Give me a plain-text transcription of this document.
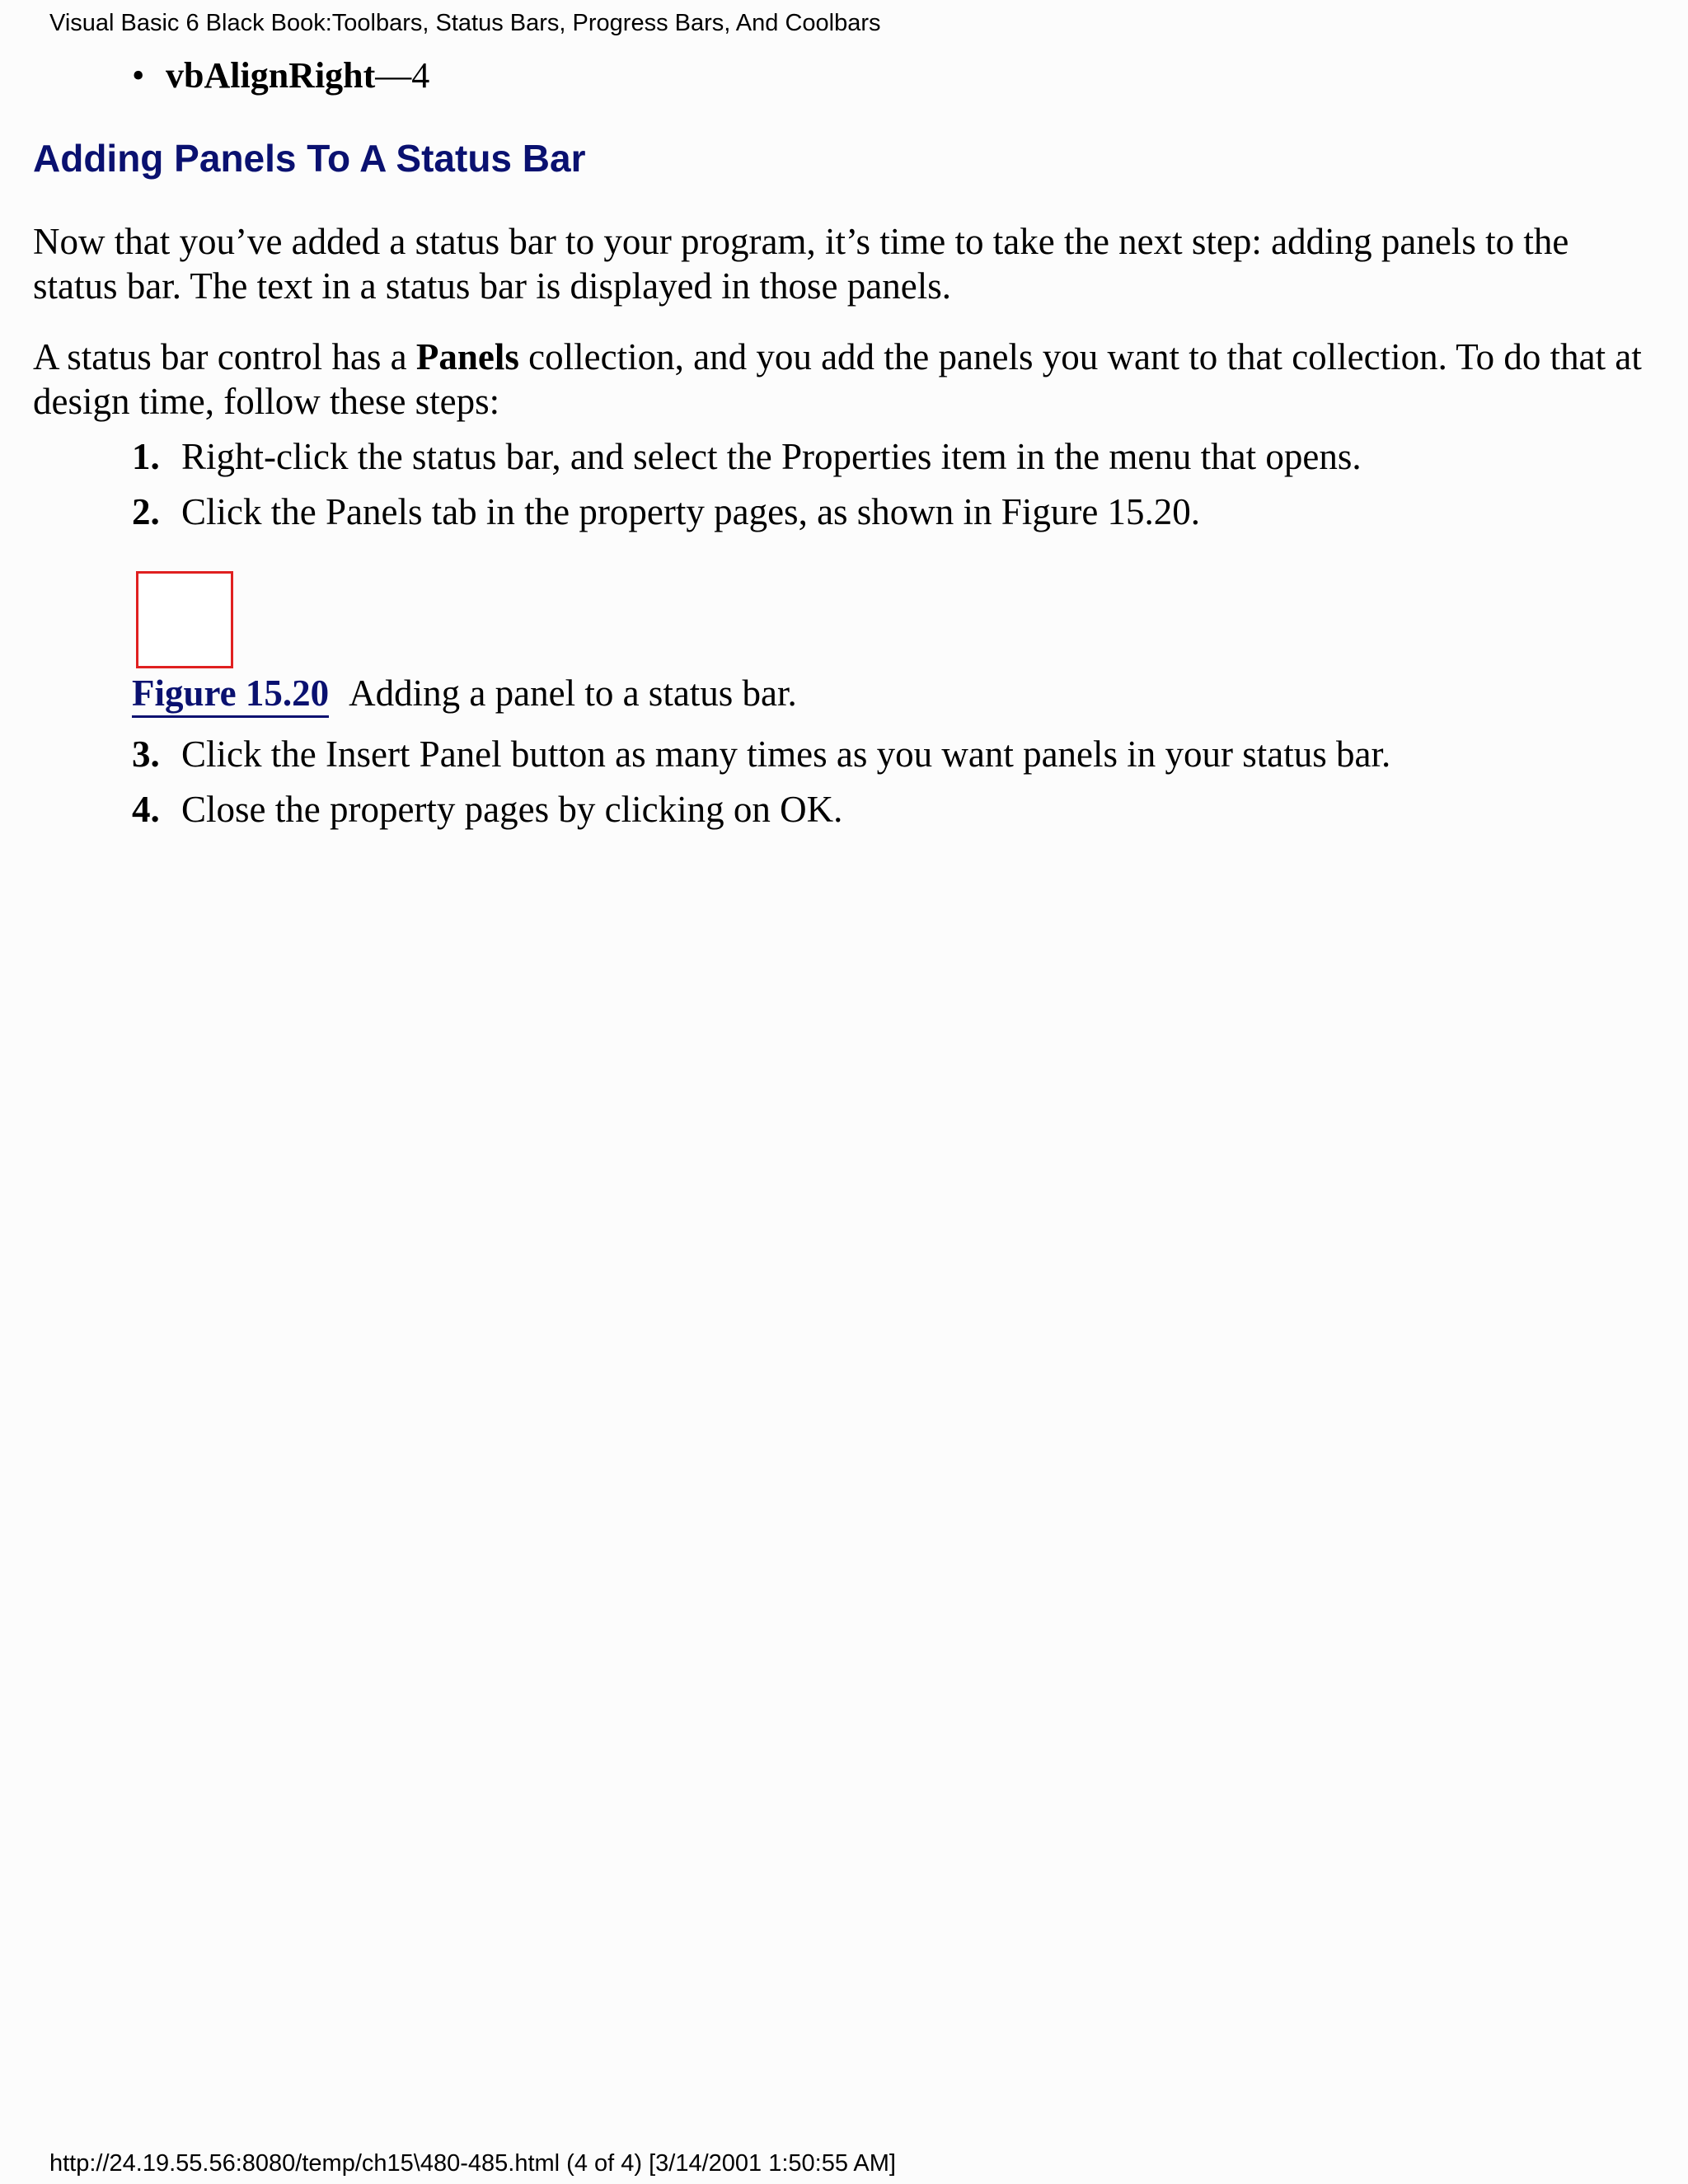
Visual Basic 6 Black Book:Toolbars, Status Bars, Progress Bars, And Coolbars
• vbAlignRight—4
Adding Panels To A Status Bar

Now that you’ve added a status bar to your program, it’s time to take the next step: adding panels to the status bar. The text in a status bar is displayed in those panels.

A status bar control has a Panels collection, and you add the panels you want to that collection. To do that at design time, follow these steps:

1. Right-click the status bar, and select the Properties item in the menu that opens.
2. Click the Panels tab in the property pages, as shown in Figure 15.20.
Figure 15.20 Adding a panel to a status bar.
3. Click the Insert Panel button as many times as you want panels in your status bar.
4. Close the property pages by clicking on OK.
http://24.19.55.56:8080/temp/ch15\480-485.html (4 of 4) [3/14/2001 1:50:55 AM]
